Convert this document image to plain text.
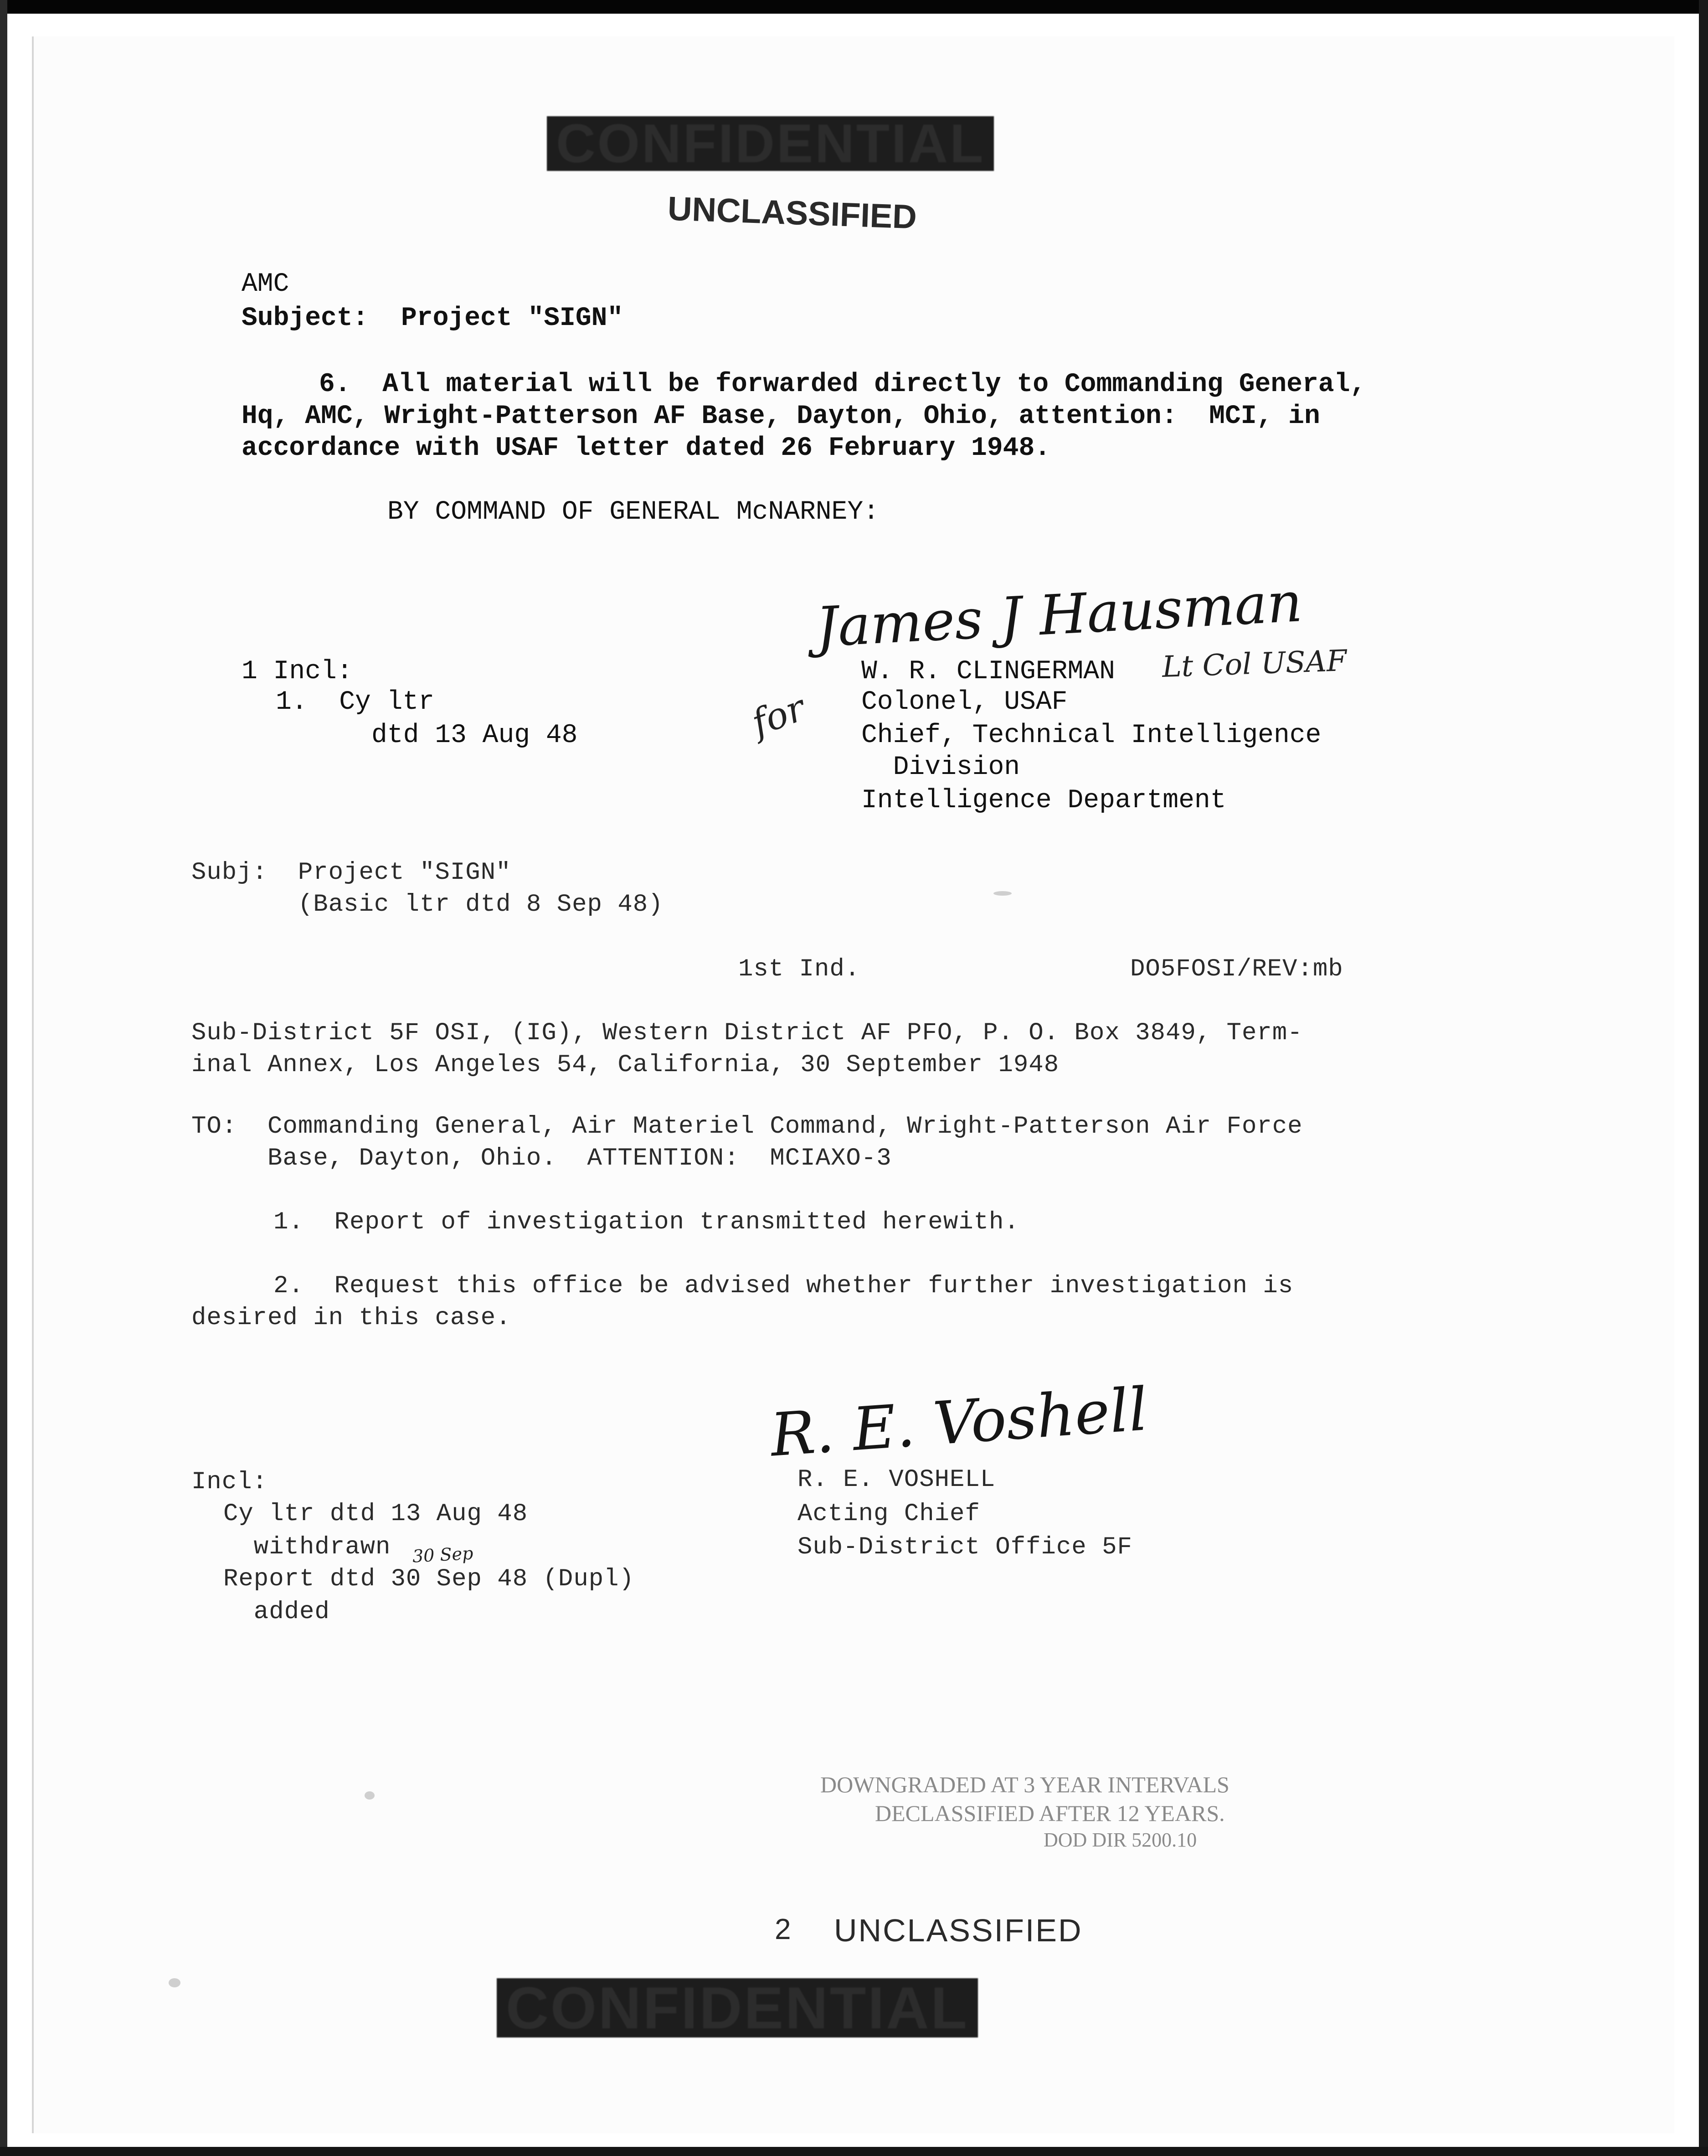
CONFIDENTIAL
UNCLASSIFIED
AMC
Subject: Project "SIGN"
6.  All material will be forwarded directly to Commanding General,
Hq, AMC, Wright-Patterson AF Base, Dayton, Ohio, attention:  MCI, in
accordance with USAF letter dated 26 February 1948.
BY COMMAND OF GENERAL McNARNEY:
James J Hausman
Lt Col USAF
for
W. R. CLINGERMAN
Colonel, USAF
Chief, Technical Intelligence
Division
Intelligence Department
1 Incl:
1.  Cy ltr
dtd 13 Aug 48
Subj:  Project "SIGN"
(Basic ltr dtd 8 Sep 48)
1st Ind.	DO5FOSI/REV:mb
Sub-District 5F OSI, (IG), Western District AF PFO, P. O. Box 3849, Term-
inal Annex, Los Angeles 54, California, 30 September 1948
TO:  Commanding General, Air Materiel Command, Wright-Patterson Air Force
Base, Dayton, Ohio.  ATTENTION:  MCIAXO-3
1.  Report of investigation transmitted herewith.
2.  Request this office be advised whether further investigation is
desired in this case.
R. E. Voshell
R. E. VOSHELL
Acting Chief
Sub-District Office 5F
Incl:
Cy ltr dtd 13 Aug 48
withdrawn 30 Sep
Report dtd 30 Sep 48 (Dupl)
added
DOWNGRADED AT 3 YEAR INTERVALS
DECLASSIFIED AFTER 12 YEARS.
DOD DIR 5200.10
2 UNCLASSIFIED
CONFIDENTIAL
